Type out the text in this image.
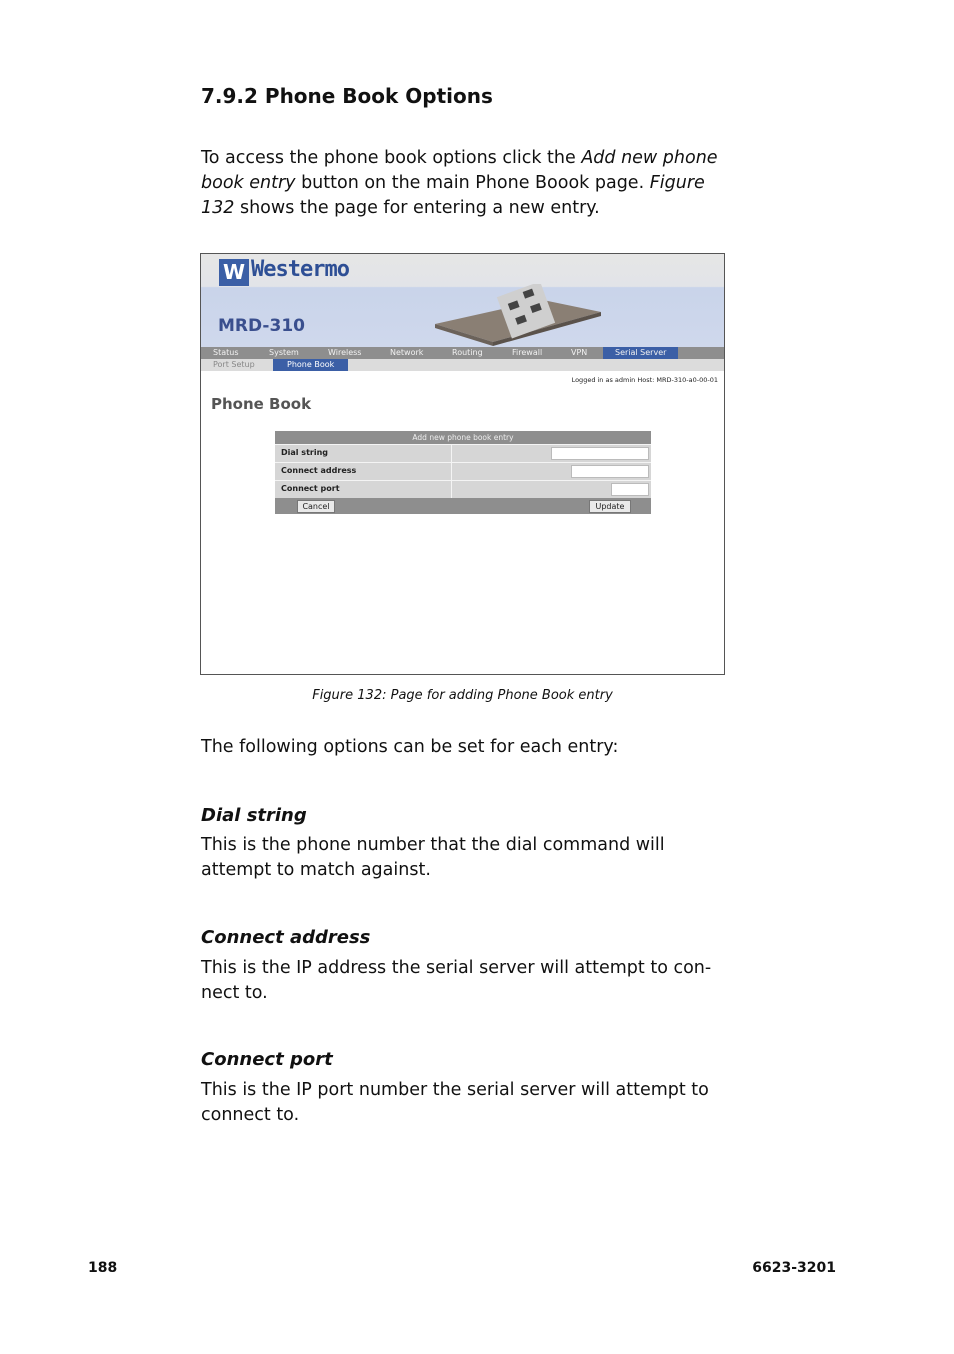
7.9.2 Phone Book Options
To access the phone book options click the Add new phone book entry button on the main Phone Boook page. Figure 132 shows the page for entering a new entry.
W Westermo
MRD-310
Status	System	Wireless	Network	Routing	Firewall	VPN	Serial Server
Port Setup	Phone Book
Logged in as admin Host: MRD-310-a0-00-01
Phone Book
Add new phone book entry
Dial string
Connect address
Connect port
Cancel	Update
Figure 132: Page for adding Phone Book entry
The following options can be set for each entry:
Dial string
This is the phone number that the dial command will attempt to match against.
Connect address
This is the IP address the serial server will attempt to con-nect to.
Connect port
This is the IP port number the serial server will attempt to connect to.
188	6623-3201
